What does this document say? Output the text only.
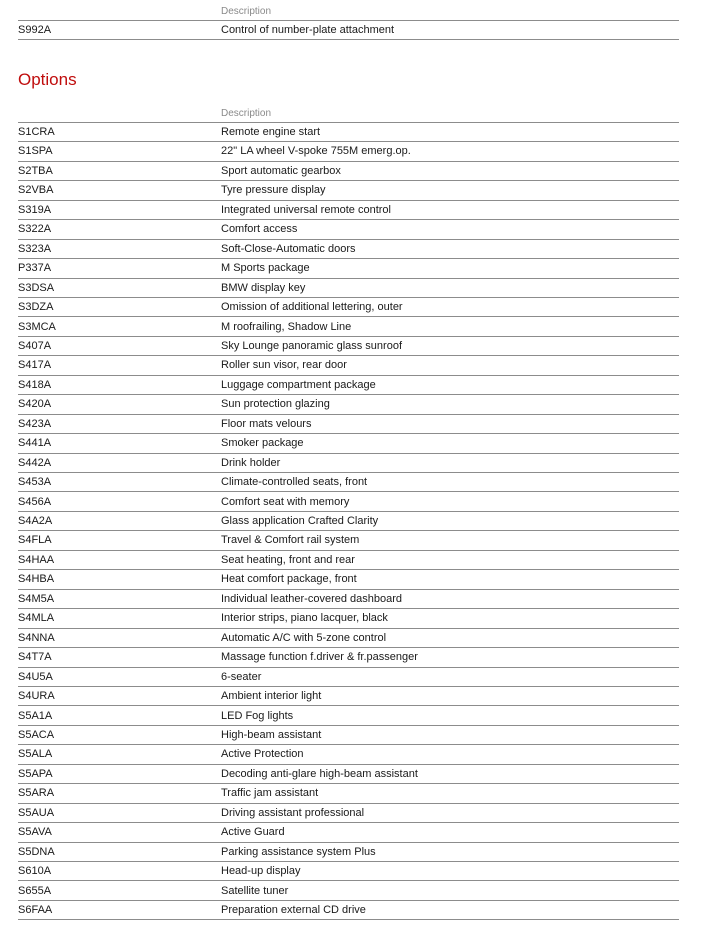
Description
S992A	Control of number-plate attachment
Options
Description
S1CRA	Remote engine start
S1SPA	22" LA wheel V-spoke 755M emerg.op.
S2TBA	Sport automatic gearbox
S2VBA	Tyre pressure display
S319A	Integrated universal remote control
S322A	Comfort access
S323A	Soft-Close-Automatic doors
P337A	M Sports package
S3DSA	BMW display key
S3DZA	Omission of additional lettering, outer
S3MCA	M roofrailing, Shadow Line
S407A	Sky Lounge panoramic glass sunroof
S417A	Roller sun visor, rear door
S418A	Luggage compartment package
S420A	Sun protection glazing
S423A	Floor mats velours
S441A	Smoker package
S442A	Drink holder
S453A	Climate-controlled seats, front
S456A	Comfort seat with memory
S4A2A	Glass application Crafted Clarity
S4FLA	Travel & Comfort rail system
S4HAA	Seat heating, front and rear
S4HBA	Heat comfort package, front
S4M5A	Individual leather-covered dashboard
S4MLA	Interior strips, piano lacquer, black
S4NNA	Automatic A/C with 5-zone control
S4T7A	Massage function f.driver & fr.passenger
S4U5A	6-seater
S4URA	Ambient interior light
S5A1A	LED Fog lights
S5ACA	High-beam assistant
S5ALA	Active Protection
S5APA	Decoding anti-glare high-beam assistant
S5ARA	Traffic jam assistant
S5AUA	Driving assistant professional
S5AVA	Active Guard
S5DNA	Parking assistance system Plus
S610A	Head-up display
S655A	Satellite tuner
S6FAA	Preparation external CD drive
